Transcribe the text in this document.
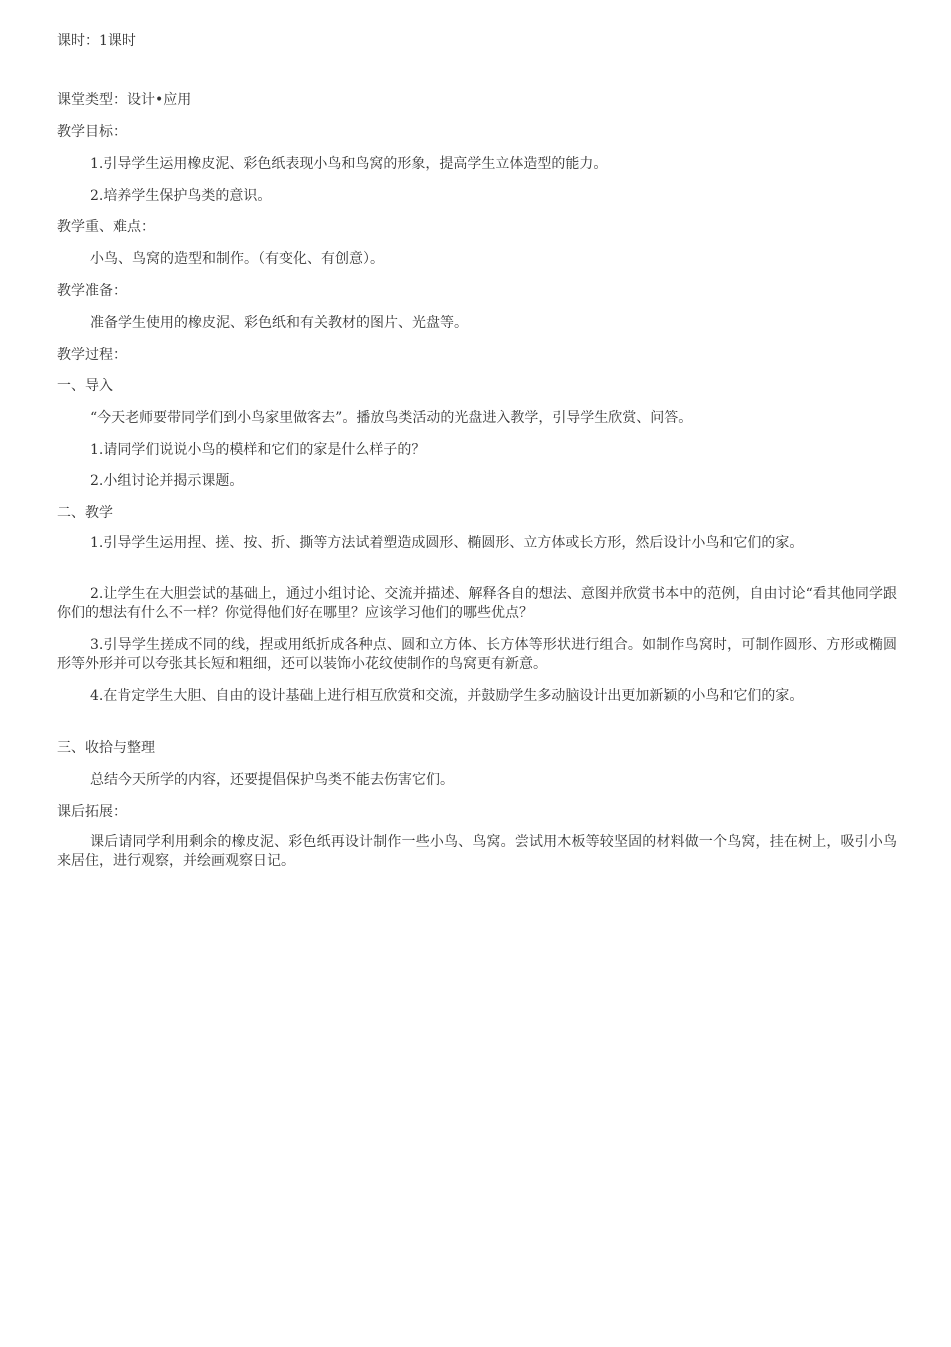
课时：1课时
课堂类型：设计•应用
教学目标：
1.引导学生运用橡皮泥、彩色纸表现小鸟和鸟窝的形象，提高学生立体造型的能力。
2.培养学生保护鸟类的意识。
教学重、难点：
小鸟、鸟窝的造型和制作。（有变化、有创意）。
教学准备：
准备学生使用的橡皮泥、彩色纸和有关教材的图片、光盘等。
教学过程：
一、导入
“今天老师要带同学们到小鸟家里做客去”。播放鸟类活动的光盘进入教学，引导学生欣赏、问答。
1.请同学们说说小鸟的模样和它们的家是什么样子的？
2.小组讨论并揭示课题。
二、教学
1.引导学生运用捏、搓、按、折、撕等方法试着塑造成圆形、椭圆形、立方体或长方形，然后设计小鸟和它们的家。
2.让学生在大胆尝试的基础上，通过小组讨论、交流并描述、解释各自的想法、意图并欣赏书本中的范例，自由讨论“看其他同学跟你们的想法有什么不一样？你觉得他们好在哪里？应该学习他们的哪些优点？
3.引导学生搓成不同的线，捏或用纸折成各种点、圆和立方体、长方体等形状进行组合。如制作鸟窝时，可制作圆形、方形或椭圆形等外形并可以夸张其长短和粗细，还可以装饰小花纹使制作的鸟窝更有新意。
4.在肯定学生大胆、自由的设计基础上进行相互欣赏和交流，并鼓励学生多动脑设计出更加新颖的小鸟和它们的家。
三、收拾与整理
总结今天所学的内容，还要提倡保护鸟类不能去伤害它们。
课后拓展：
课后请同学利用剩余的橡皮泥、彩色纸再设计制作一些小鸟、鸟窝。尝试用木板等较坚固的材料做一个鸟窝，挂在树上，吸引小鸟来居住，进行观察，并绘画观察日记。
